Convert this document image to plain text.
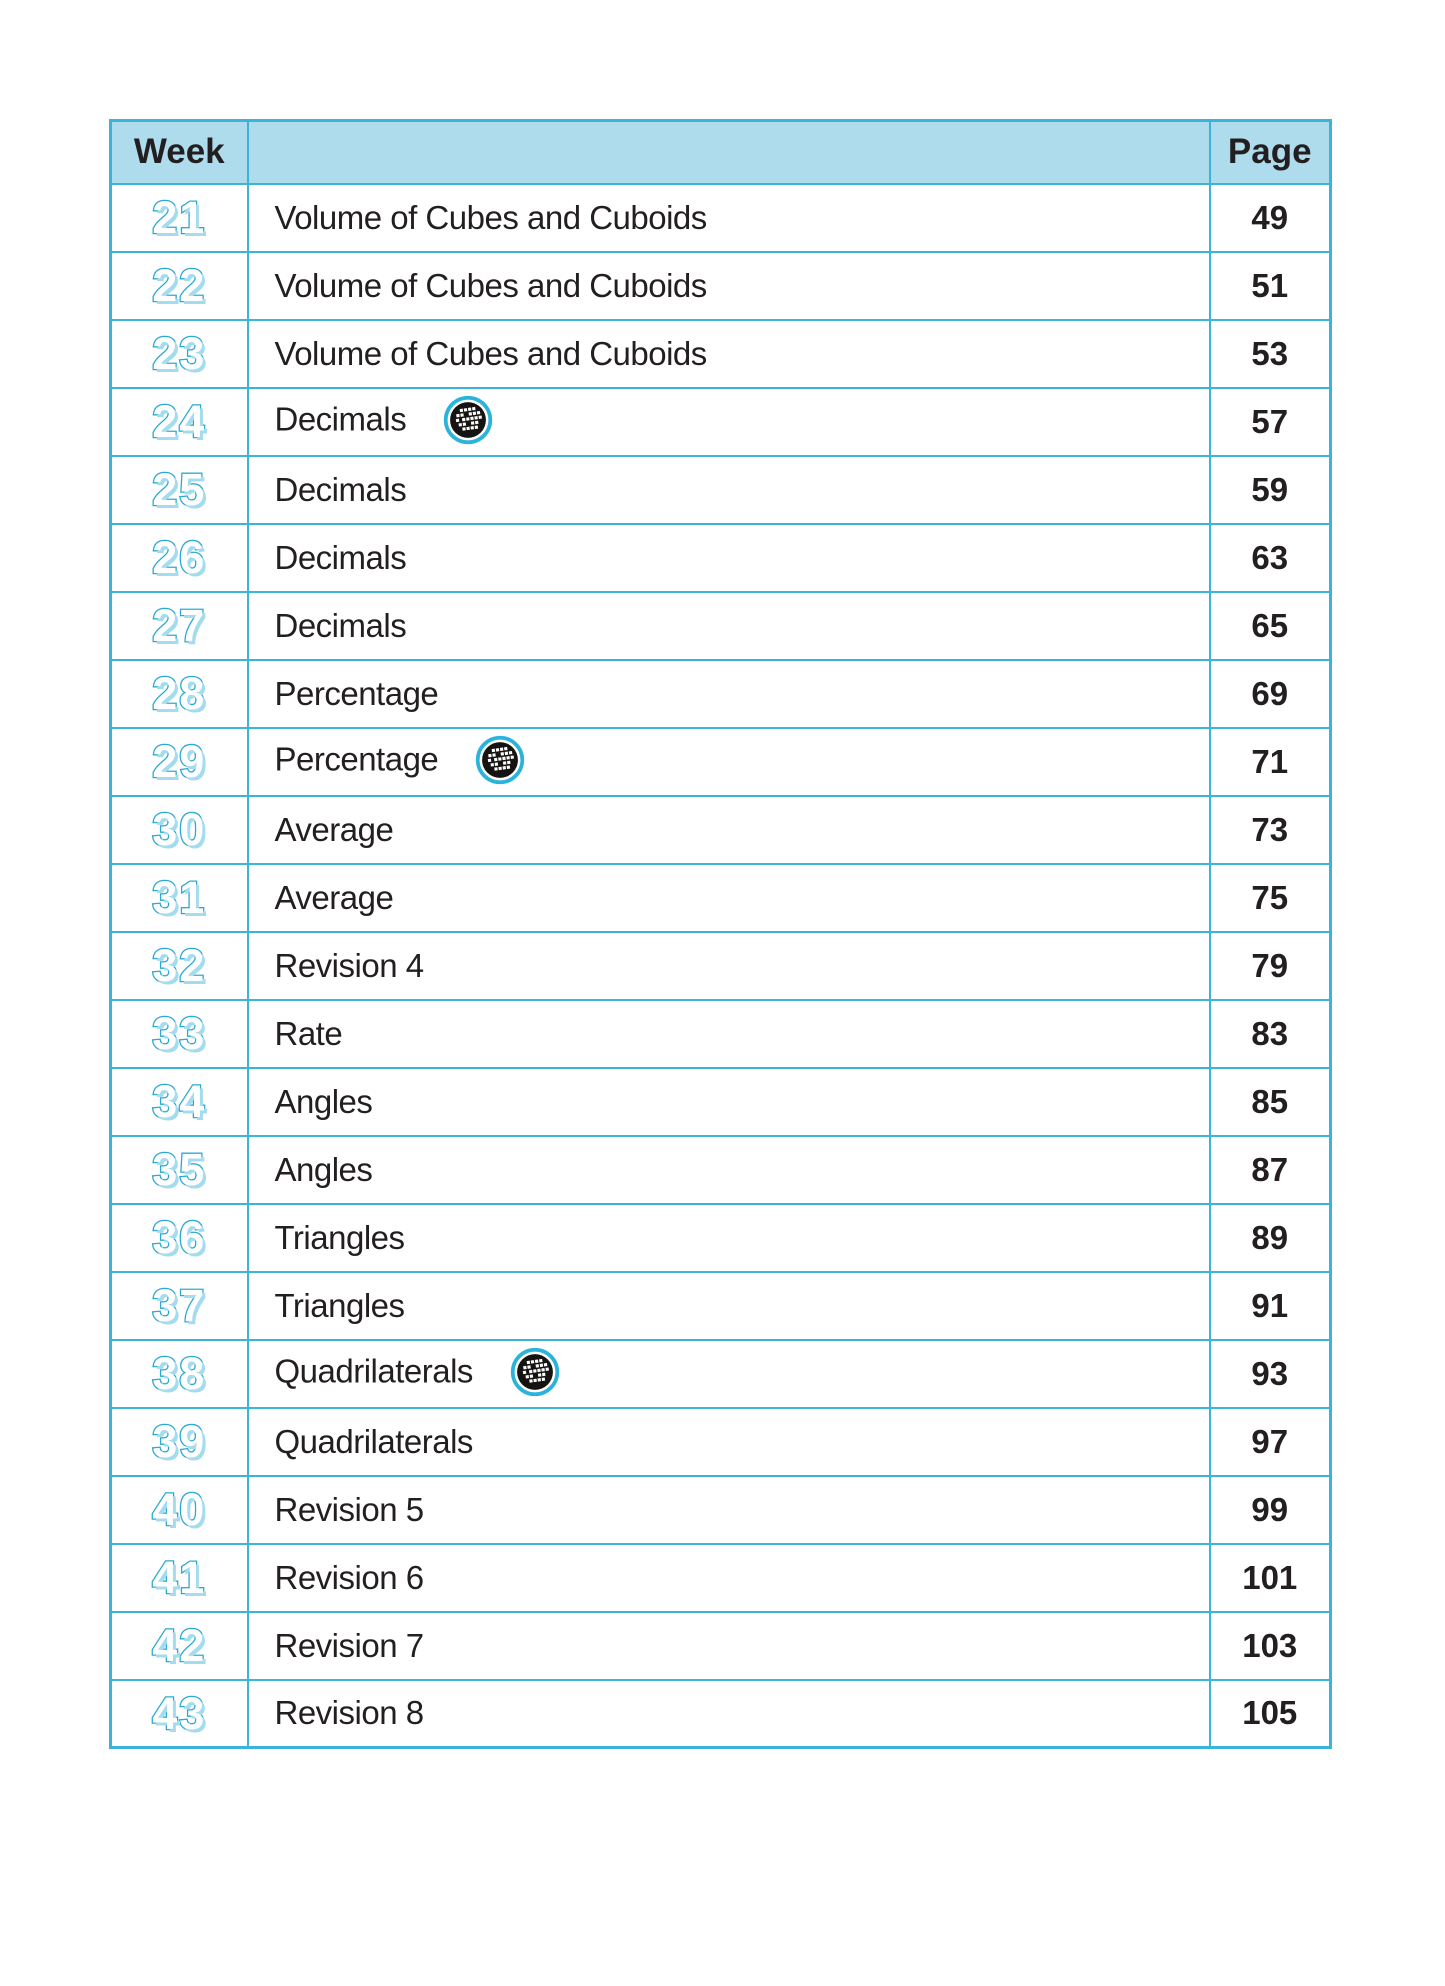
Week		Page
21	Volume of Cubes and Cuboids	49
22	Volume of Cubes and Cuboids	51
23	Volume of Cubes and Cuboids	53
24	Decimals	57
25	Decimals	59
26	Decimals	63
27	Decimals	65
28	Percentage	69
29	Percentage	71
30	Average	73
31	Average	75
32	Revision 4	79
33	Rate	83
34	Angles	85
35	Angles	87
36	Triangles	89
37	Triangles	91
38	Quadrilaterals	93
39	Quadrilaterals	97
40	Revision 5	99
41	Revision 6	101
42	Revision 7	103
43	Revision 8	105
